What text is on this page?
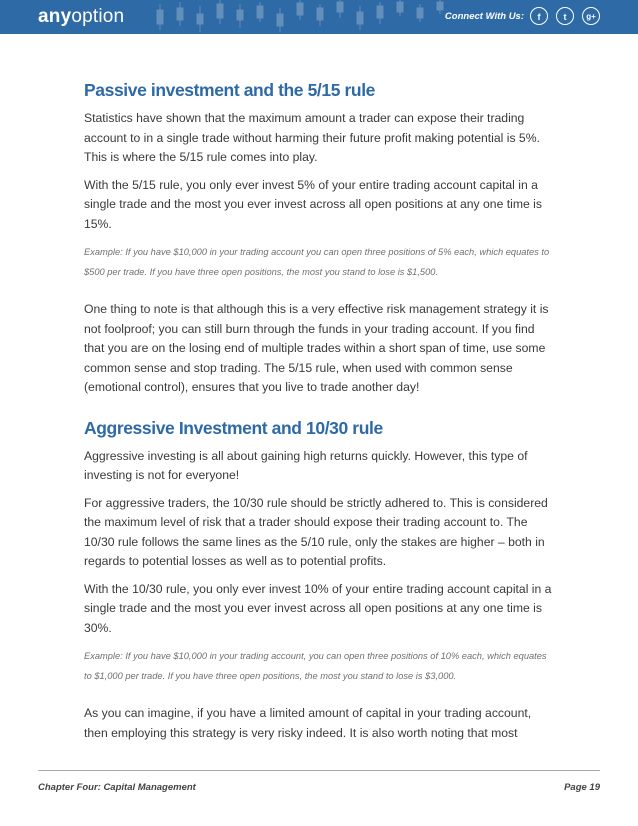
anyoption	Connect With Us:	f	t	g+
Passive investment and the 5/15 rule

Statistics have shown that the maximum amount a trader can expose their trading account to in a single trade without harming their future profit making potential is 5%. This is where the 5/15 rule comes into play.

With the 5/15 rule, you only ever invest 5% of your entire trading account capital in a single trade and the most you ever invest across all open positions at any one time is 15%.

Example: If you have $10,000 in your trading account you can open three positions of 5% each, which equates to $500 per trade. If you have three open positions, the most you stand to lose is $1,500.

One thing to note is that although this is a very effective risk management strategy it is not foolproof; you can still burn through the funds in your trading account. If you find that you are on the losing end of multiple trades within a short span of time, use some common sense and stop trading. The 5/15 rule, when used with common sense (emotional control), ensures that you live to trade another day!

Aggressive Investment and 10/30 rule

Aggressive investing is all about gaining high returns quickly. However, this type of investing is not for everyone!

For aggressive traders, the 10/30 rule should be strictly adhered to. This is considered the maximum level of risk that a trader should expose their trading account to. The 10/30 rule follows the same lines as the 5/10 rule, only the stakes are higher – both in regards to potential losses as well as to potential profits.

With the 10/30 rule, you only ever invest 10% of your entire trading account capital in a single trade and the most you ever invest across all open positions at any one time is 30%.

Example: If you have $10,000 in your trading account, you can open three positions of 10% each, which equates to $1,000 per trade. If you have three open positions, the most you stand to lose is $3,000.

As you can imagine, if you have a limited amount of capital in your trading account, then employing this strategy is very risky indeed. It is also worth noting that most

Chapter Four: Capital Management	Page 19
